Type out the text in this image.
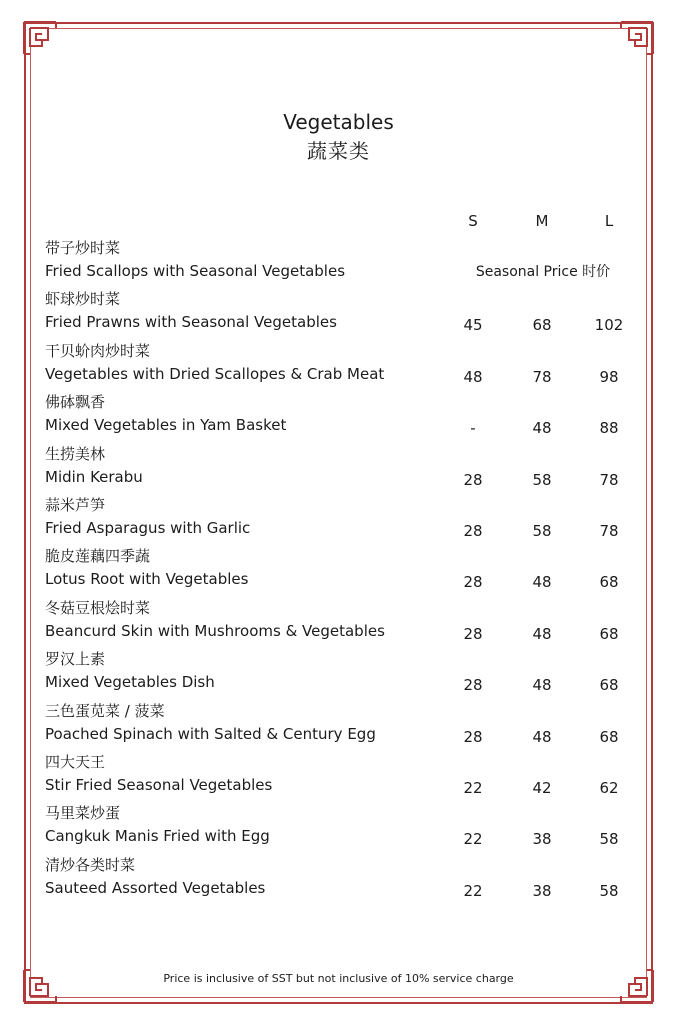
Vegetables
蔬菜类
S	M	L
带子炒时菜
Fried Scallops with Seasonal Vegetables	Seasonal Price 时价
虾球炒时菜
Fried Prawns with Seasonal Vegetables	45	68	102
干贝蚧肉炒时菜
Vegetables with Dried Scallopes & Crab Meat	48	78	98
佛砵飘香
Mixed Vegetables in Yam Basket	-	48	88
生捞美林
Midin Kerabu	28	58	78
蒜米芦笋
Fried Asparagus with Garlic	28	58	78
脆皮莲藕四季蔬
Lotus Root with Vegetables	28	48	68
冬菇豆根烩时菜
Beancurd Skin with Mushrooms & Vegetables	28	48	68
罗汉上素
Mixed Vegetables Dish	28	48	68
三色蛋苋菜 / 菠菜
Poached Spinach with Salted & Century Egg	28	48	68
四大天王
Stir Fried Seasonal Vegetables	22	42	62
马里菜炒蛋
Cangkuk Manis Fried with Egg	22	38	58
清炒各类时菜
Sauteed Assorted Vegetables	22	38	58
Price is inclusive of SST but not inclusive of 10% service charge
